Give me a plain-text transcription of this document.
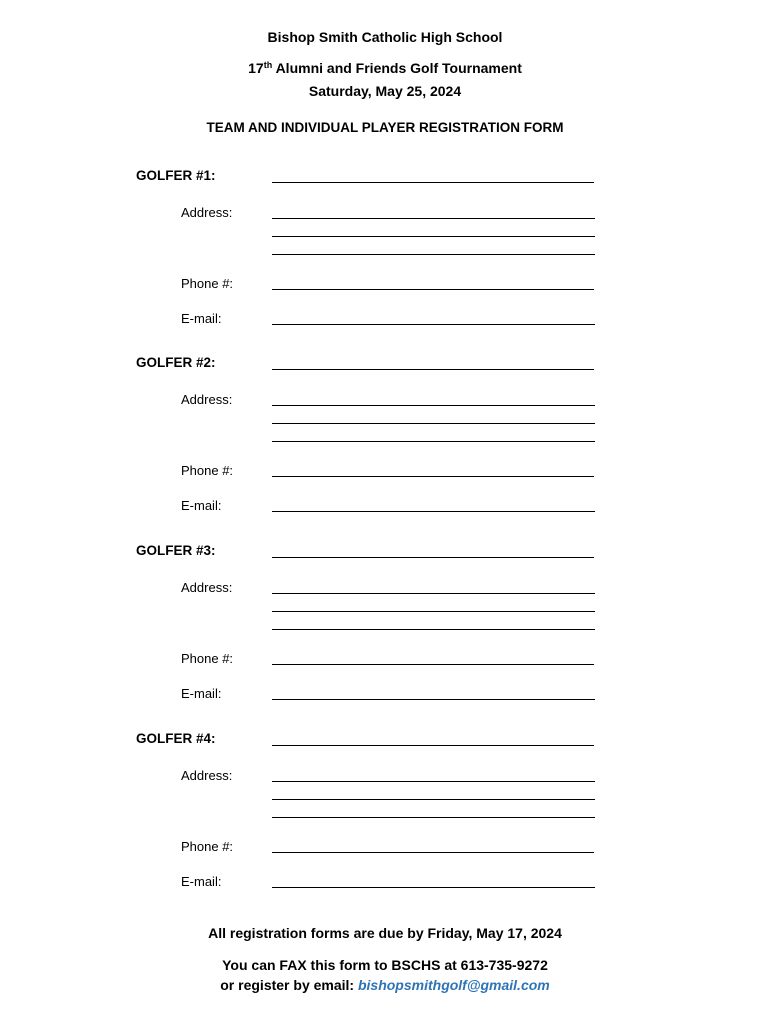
Bishop Smith Catholic High School
17th Alumni and Friends Golf Tournament
Saturday, May 25, 2024
TEAM AND INDIVIDUAL PLAYER REGISTRATION FORM
GOLFER #1:
Address:
Phone #:
E-mail:
GOLFER #2:
Address:
Phone #:
E-mail:
GOLFER #3:
Address:
Phone #:
E-mail:
GOLFER #4:
Address:
Phone #:
E-mail:
All registration forms are due by Friday, May 17, 2024
You can FAX this form to BSCHS at 613-735-9272
or register by email: bishopsmithgolf@gmail.com
